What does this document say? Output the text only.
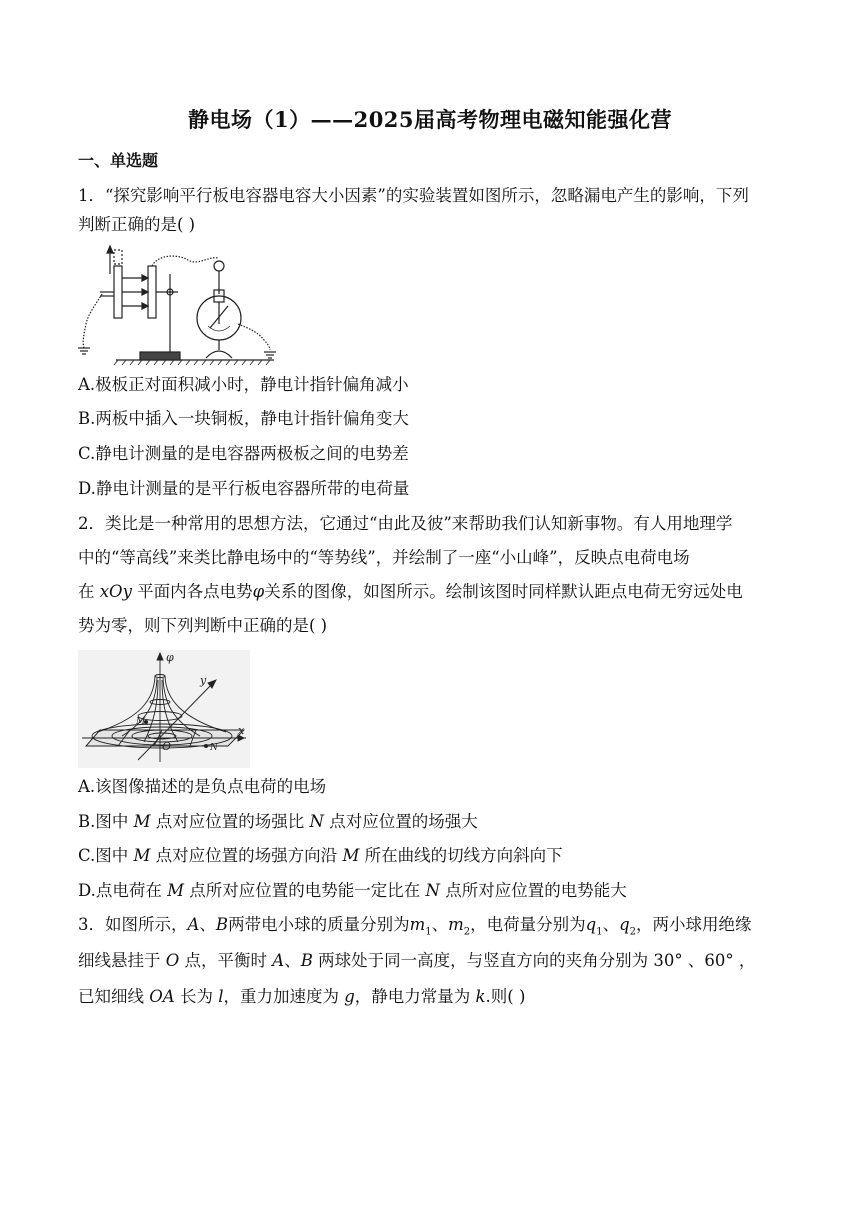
静电场（1）——2025届高考物理电磁知能强化营
一、单选题
1．“探究影响平行板电容器电容大小因素”的实验装置如图所示，忽略漏电产生的影响，下列
判断正确的是( )
A.极板正对面积减小时，静电计指针偏角减小
B.两板中插入一块铜板，静电计指针偏角变大
C.静电计测量的是电容器两极板之间的电势差
D.静电计测量的是平行板电容器所带的电荷量
2．类比是一种常用的思想方法，它通过“由此及彼”来帮助我们认知新事物。有人用地理学
中的“等高线”来类比静电场中的“等势线”，并绘制了一座“小山峰”，反映点电荷电场
在 xOy 平面内各点电势φ关系的图像，如图所示。绘制该图时同样默认距点电荷无穷远处电
势为零，则下列判断中正确的是( )
φ
y
x
O
M
N
A.该图像描述的是负点电荷的电场
B.图中 M 点对应位置的场强比 N 点对应位置的场强大
C.图中 M 点对应位置的场强方向沿 M 所在曲线的切线方向斜向下
D.点电荷在 M 点所对应位置的电势能一定比在 N 点所对应位置的电势能大
3．如图所示，A、B两带电小球的质量分别为$m_1$、$m_2$，电荷量分别为$q_1$、$q_2$，两小球用绝缘
细线悬挂于 O 点，平衡时 A、B 两球处于同一高度，与竖直方向的夹角分别为 30° 、60° ，
已知细线 OA 长为 l，重力加速度为 g，静电力常量为 k.则( )
